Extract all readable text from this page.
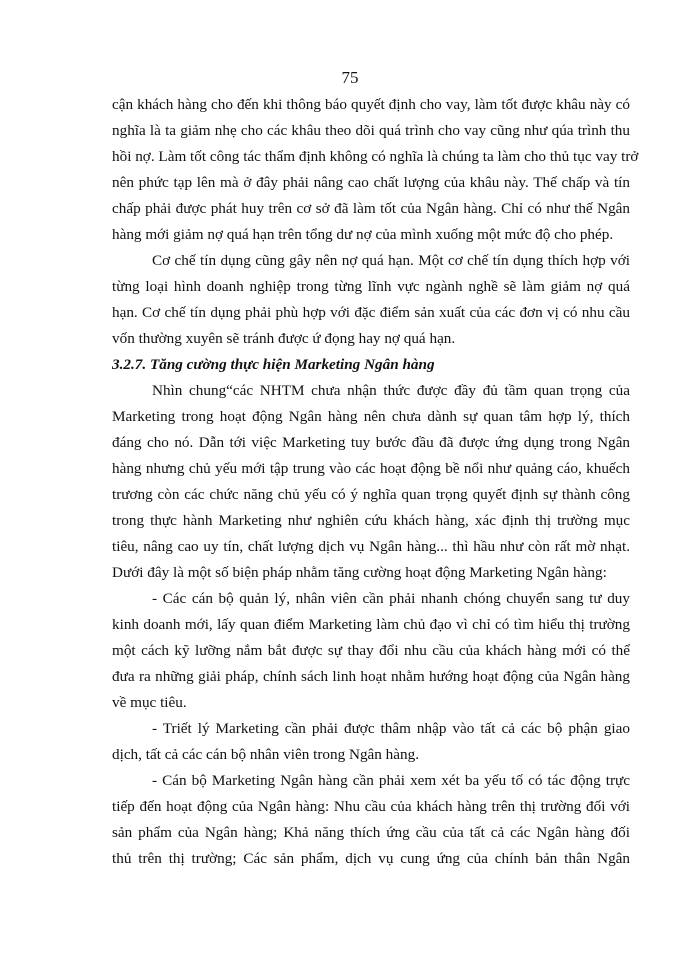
75
cận khách hàng cho đến khi thông báo quyết định cho vay, làm tốt được khâu này có
nghĩa là ta giảm nhẹ cho các khâu theo dõi quá trình cho vay cũng như qúa trình thu
hồi nợ. Làm tốt công tác thẩm định không có nghĩa là chúng ta làm cho thủ tục vay trở
nên phức tạp lên mà ở đây phải nâng cao chất lượng của khâu này. Thế chấp và tín
chấp phải được phát huy trên cơ sở đã làm tốt của Ngân hàng. Chỉ có như thế Ngân
hàng mới giảm nợ quá hạn trên tổng dư nợ của mình xuống một mức độ cho phép.
Cơ chế tín dụng cũng gây nên nợ quá hạn. Một cơ chế tín dụng thích hợp với
từng loại hình doanh nghiệp trong từng lĩnh vực ngành nghề sẽ làm giảm nợ quá
hạn. Cơ chế tín dụng phải phù hợp với đặc điểm sản xuất của các đơn vị có nhu cầu
vốn thường xuyên sẽ tránh được ứ đọng hay nợ quá hạn.
3.2.7. Tăng cường thực hiện Marketing Ngân hàng
Nhìn chung“các NHTM chưa nhận thức được đầy đủ tầm quan trọng của
Marketing trong hoạt động Ngân hàng nên chưa dành sự quan tâm hợp lý, thích
đáng cho nó. Dẫn tới việc Marketing tuy bước đầu đã được ứng dụng trong Ngân
hàng nhưng chủ yếu mới tập trung vào các hoạt động bề nổi như quảng cáo, khuếch
trương còn các chức năng chủ yếu có ý nghĩa quan trọng quyết định sự thành công
trong thực hành Marketing như nghiên cứu khách hàng, xác định thị trường mục
tiêu, nâng cao uy tín, chất lượng dịch vụ Ngân hàng... thì hầu như còn rất mờ nhạt.
Dưới đây là một số biện pháp nhằm tăng cường hoạt động Marketing Ngân hàng:
- Các cán bộ quản lý, nhân viên cần phải nhanh chóng chuyển sang tư duy
kinh doanh mới, lấy quan điểm Marketing làm chủ đạo vì chỉ có tìm hiểu thị trường
một cách kỹ lưỡng nắm bắt được sự thay đổi nhu cầu của khách hàng mới có thể
đưa ra những giải pháp, chính sách linh hoạt nhằm hướng hoạt động của Ngân hàng
về mục tiêu.
- Triết lý Marketing cần phải được thâm nhập vào tất cả các bộ phận giao
dịch, tất cả các cán bộ nhân viên trong Ngân hàng.
- Cán bộ Marketing Ngân hàng cần phải xem xét ba yếu tố có tác động trực
tiếp đến hoạt động của Ngân hàng: Nhu cầu của khách hàng trên thị trường đối với
sản phẩm của Ngân hàng; Khả năng thích ứng cầu của tất cả các Ngân hàng đối
thủ trên thị trường; Các sản phẩm, dịch vụ cung ứng của chính bản thân Ngân
